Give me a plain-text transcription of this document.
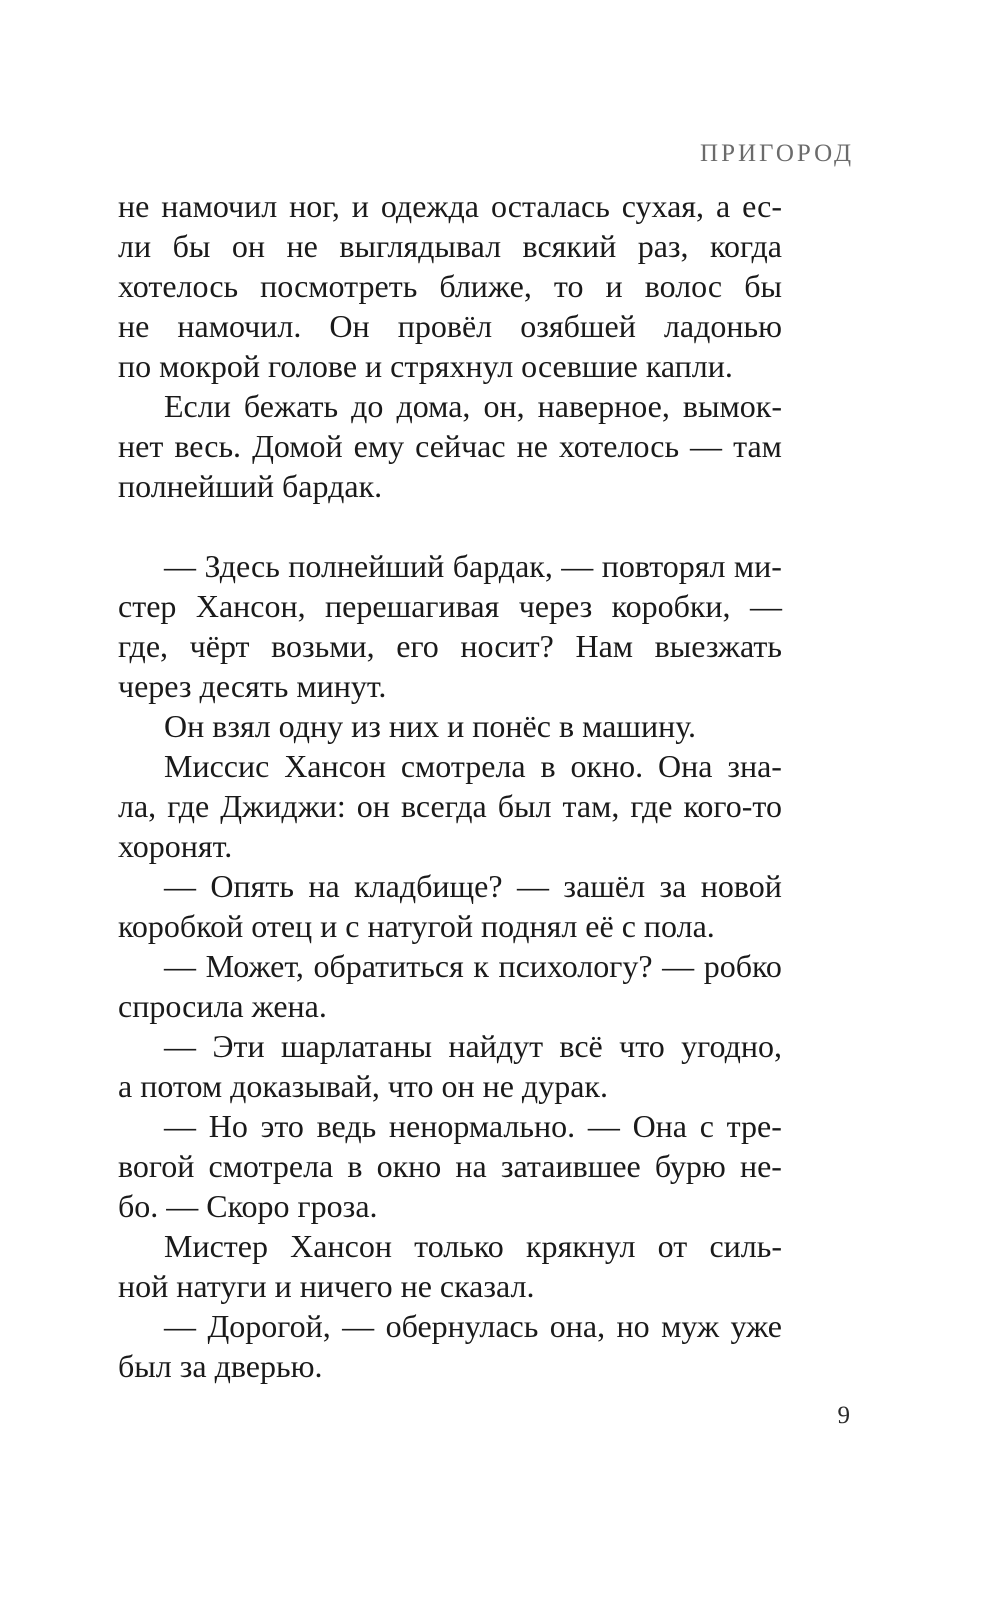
ПРИГОРОД
не намочил ног, и одежда осталась сухая, а ес-
ли бы он не выглядывал всякий раз, когда
хотелось посмотреть ближе, то и волос бы
не намочил. Он провёл озябшей ладонью
по мокрой голове и стряхнул осевшие капли.
Если бежать до дома, он, наверное, вымок-
нет весь. Домой ему сейчас не хотелось — там
полнейший бардак.
— Здесь полнейший бардак, — повторял ми-
стер Хансон, перешагивая через коробки, —
где, чёрт возьми, его носит? Нам выезжать
через десять минут.
Он взял одну из них и понёс в машину.
Миссис Хансон смотрела в окно. Она зна-
ла, где Джиджи: он всегда был там, где кого-то
хоронят.
— Опять на кладбище? — зашёл за новой
коробкой отец и с натугой поднял её с пола.
— Может, обратиться к психологу? — робко
спросила жена.
— Эти шарлатаны найдут всё что угодно,
а потом доказывай, что он не дурак.
— Но это ведь ненормально. — Она с тре-
вогой смотрела в окно на затаившее бурю не-
бо. — Скоро гроза.
Мистер Хансон только крякнул от силь-
ной натуги и ничего не сказал.
— Дорогой, — обернулась она, но муж уже
был за дверью.
9
